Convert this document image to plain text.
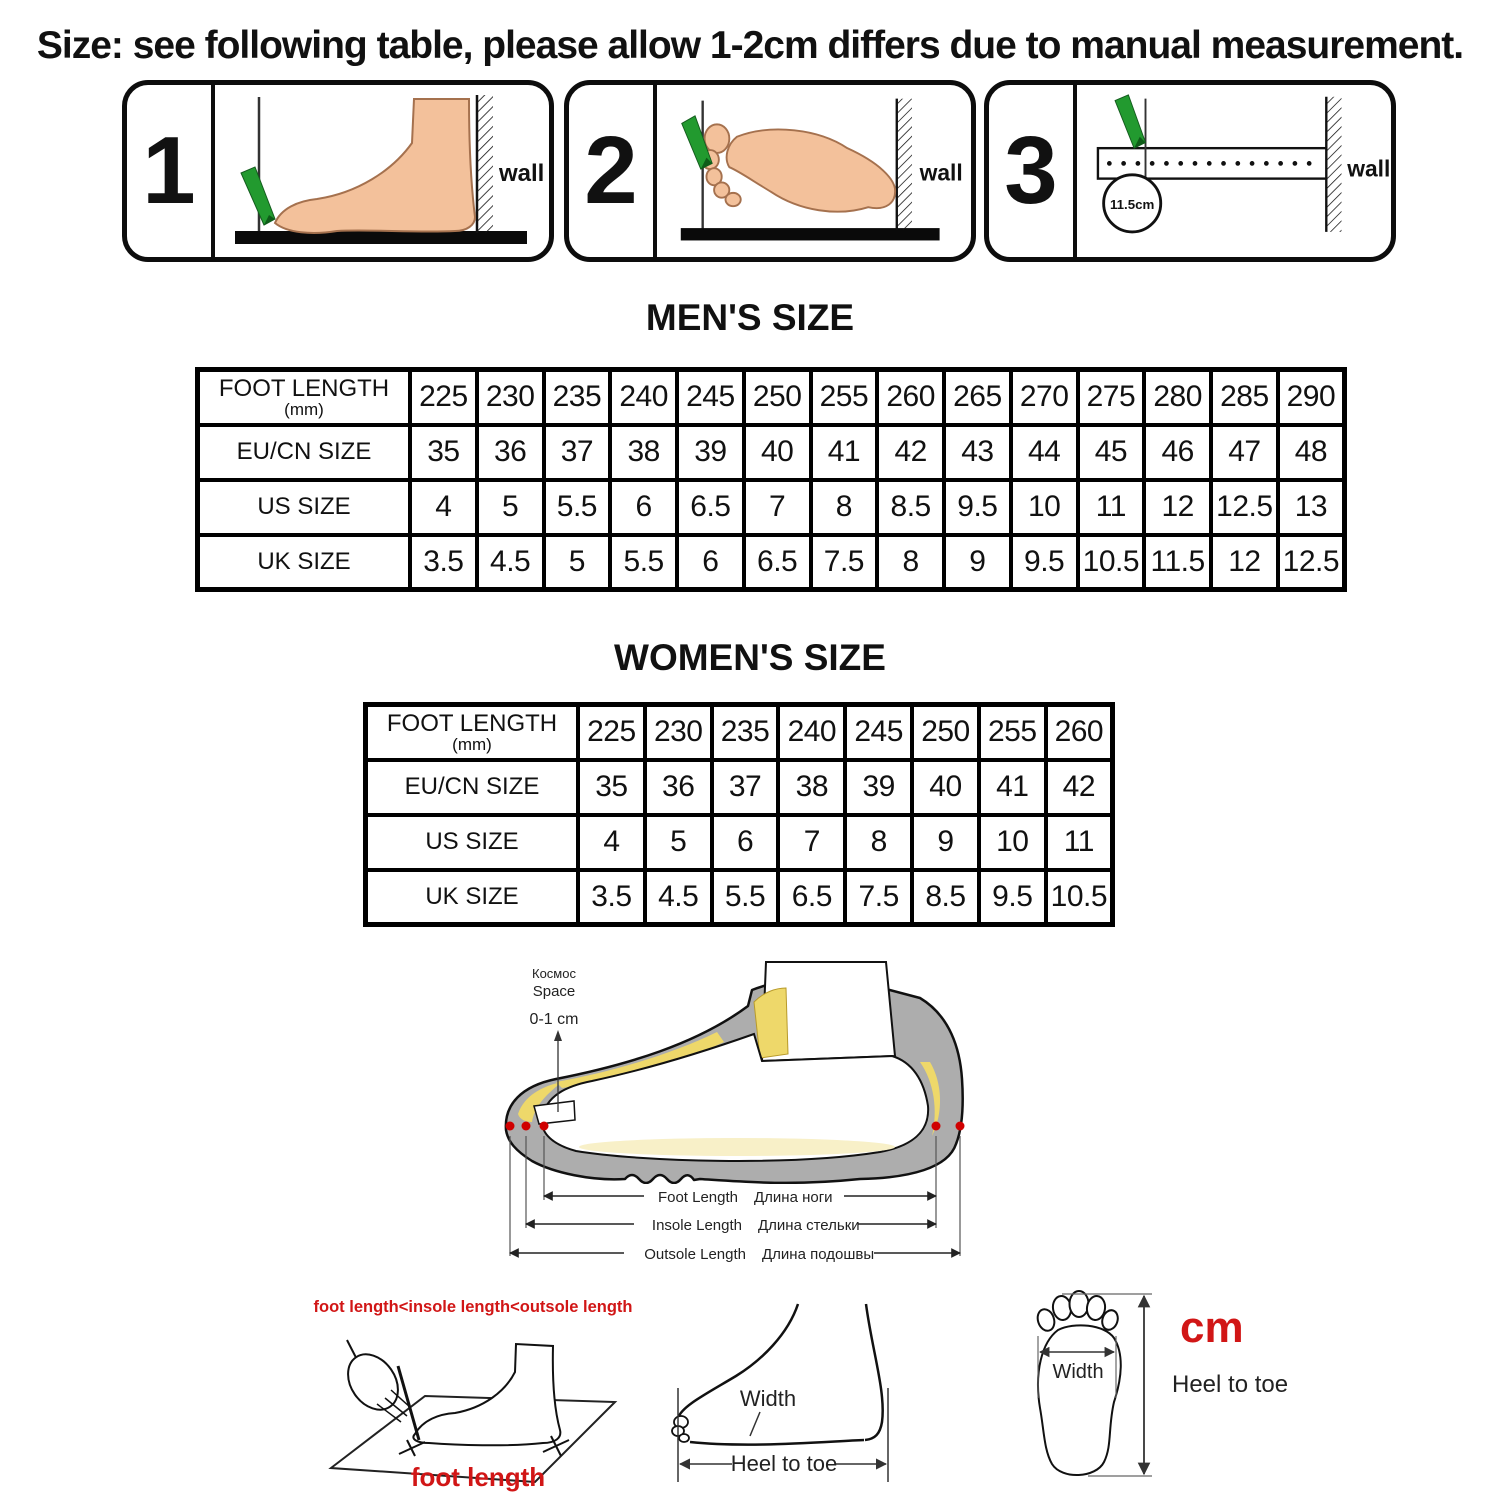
Size: see following table, please allow 1-2cm differs due to manual measurement.
1	wall 2	wall 3	11.5cm
wall
MEN'S SIZE
FOOT LENGTH
(mm)	225	230	235	240	245	250	255	260	265	270	275	280	285	290

EU/CN SIZE	35	36	37	38	39	40	41	42	43	44	45	46	47	48

US SIZE	4	5	5.5	6	6.5	7	8	8.5	9.5	10	11	12	12.5	13

UK SIZE	3.5	4.5	5	5.5	6	6.5	7.5	8	9	9.5	10.5	11.5	12	12.5
WOMEN'S SIZE
FOOT LENGTH
(mm)	225	230	235	240	245	250	255	260

EU/CN SIZE	35	36	37	38	39	40	41	42

US SIZE	4	5	6	7	8	9	10	11

UK SIZE	3.5	4.5	5.5	6.5	7.5	8.5	9.5	10.5
Космос
Space
0-1 cm
Foot Length Длина ноги
Insole Length Длина стельки
Outsole Length Длина подошвы
foot length<insole length<outsole length
foot length
Width
Heel to toe
Width
cm
Heel to toe
